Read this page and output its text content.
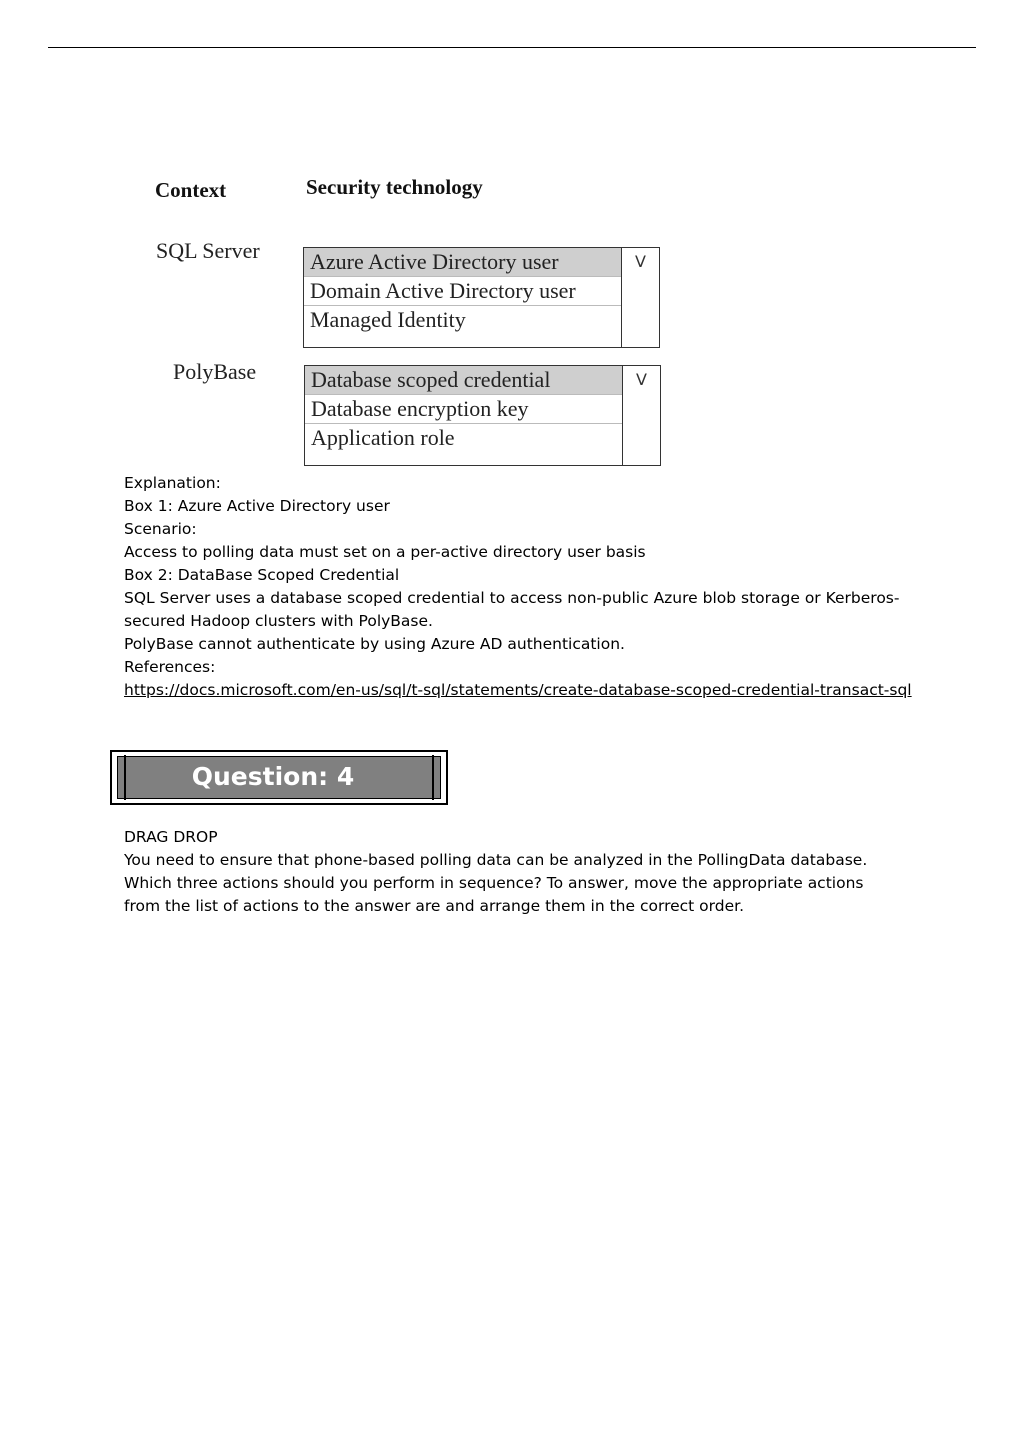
Context	Security technology
SQL Server Azure Active Directory user
Domain Active Directory user
Managed Identity
V
PolyBase Database scoped credential
Database encryption key
Application role
V

Explanation:

Box 1: Azure Active Directory user

Scenario:

Access to polling data must set on a per-active directory user basis

Box 2: DataBase Scoped Credential

SQL Server uses a database scoped credential to access non-public Azure blob storage or Kerberos-secured Hadoop clusters with PolyBase.

PolyBase cannot authenticate by using Azure AD authentication.

References:

https://docs.microsoft.com/en-us/sql/t-sql/statements/create-database-scoped-credential-transact-sql

Question: 4

DRAG DROP

You need to ensure that phone-based polling data can be analyzed in the PollingData database.

Which three actions should you perform in sequence? To answer, move the appropriate actions from the list of actions to the answer are and arrange them in the correct order.
